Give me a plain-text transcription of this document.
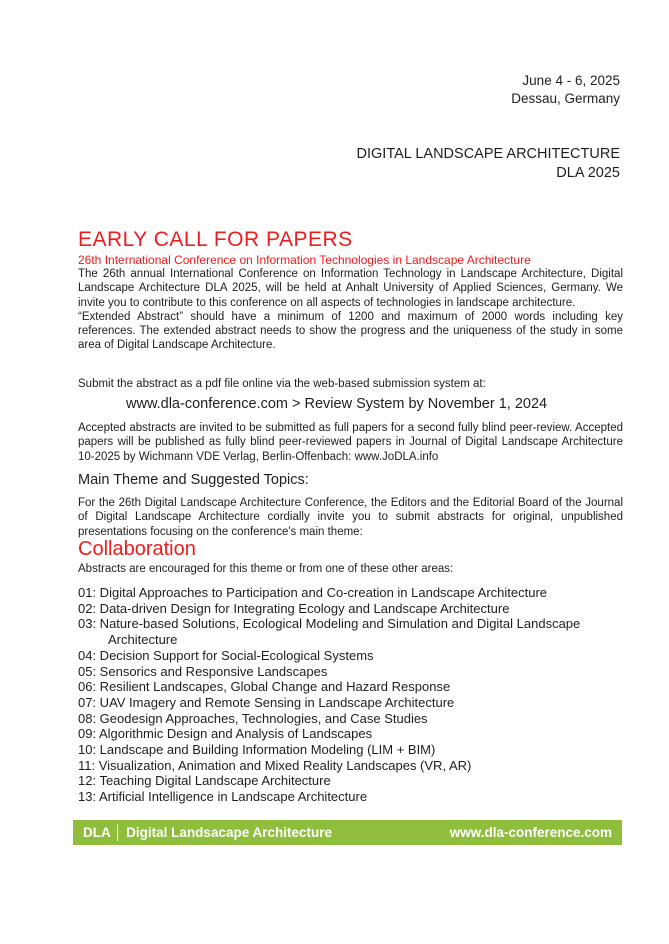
June 4 - 6, 2025
Dessau, Germany
DIGITAL LANDSCAPE ARCHITECTURE
DLA 2025
EARLY CALL FOR PAPERS
26th International Conference on Information Technologies in Landscape Architecture

The 26th annual International Conference on Information Technology in Landscape Architecture, Digital Landscape Architecture DLA 2025, will be held at Anhalt University of Applied Sciences, Germany. We invite you to contribute to this conference on all aspects of technologies in landscape architecture.

“Extended Abstract” should have a minimum of 1200 and maximum of 2000 words including key references. The extended abstract needs to show the progress and the uniqueness of the study in some area of Digital Landscape Architecture.

Submit the abstract as a pdf file online via the web-based submission system at:
www.dla-conference.com > Review System by November 1, 2024
Accepted abstracts are invited to be submitted as full papers for a second fully blind peer-review. Accepted papers will be published as fully blind peer-reviewed papers in Journal of Digital Landscape Architecture 10-2025 by Wichmann VDE Verlag, Berlin-Offenbach: www.JoDLA.info
Main Theme and Suggested Topics:
For the 26th Digital Landscape Architecture Conference, the Editors and the Editorial Board of the Journal of Digital Landscape Architecture cordially invite you to submit abstracts for original, unpublished presentations focusing on the conference's main theme:
Collaboration
Abstracts are encouraged for this theme or from one of these other areas:
01: Digital Approaches to Participation and Co-creation in Landscape Architecture
02: Data-driven Design for Integrating Ecology and Landscape Architecture
03: Nature-based Solutions, Ecological Modeling and Simulation and Digital Landscape Architecture
04: Decision Support for Social-Ecological Systems
05: Sensorics and Responsive Landscapes
06: Resilient Landscapes, Global Change and Hazard Response
07: UAV Imagery and Remote Sensing in Landscape Architecture
08: Geodesign Approaches, Technologies, and Case Studies
09: Algorithmic Design and Analysis of Landscapes
10: Landscape and Building Information Modeling (LIM + BIM)
11: Visualization, Animation and Mixed Reality Landscapes (VR, AR)
12: Teaching Digital Landscape Architecture
13: Artificial Intelligence in Landscape Architecture
DLA │ Digital Landsacape Architecture	www.dla-conference.com
